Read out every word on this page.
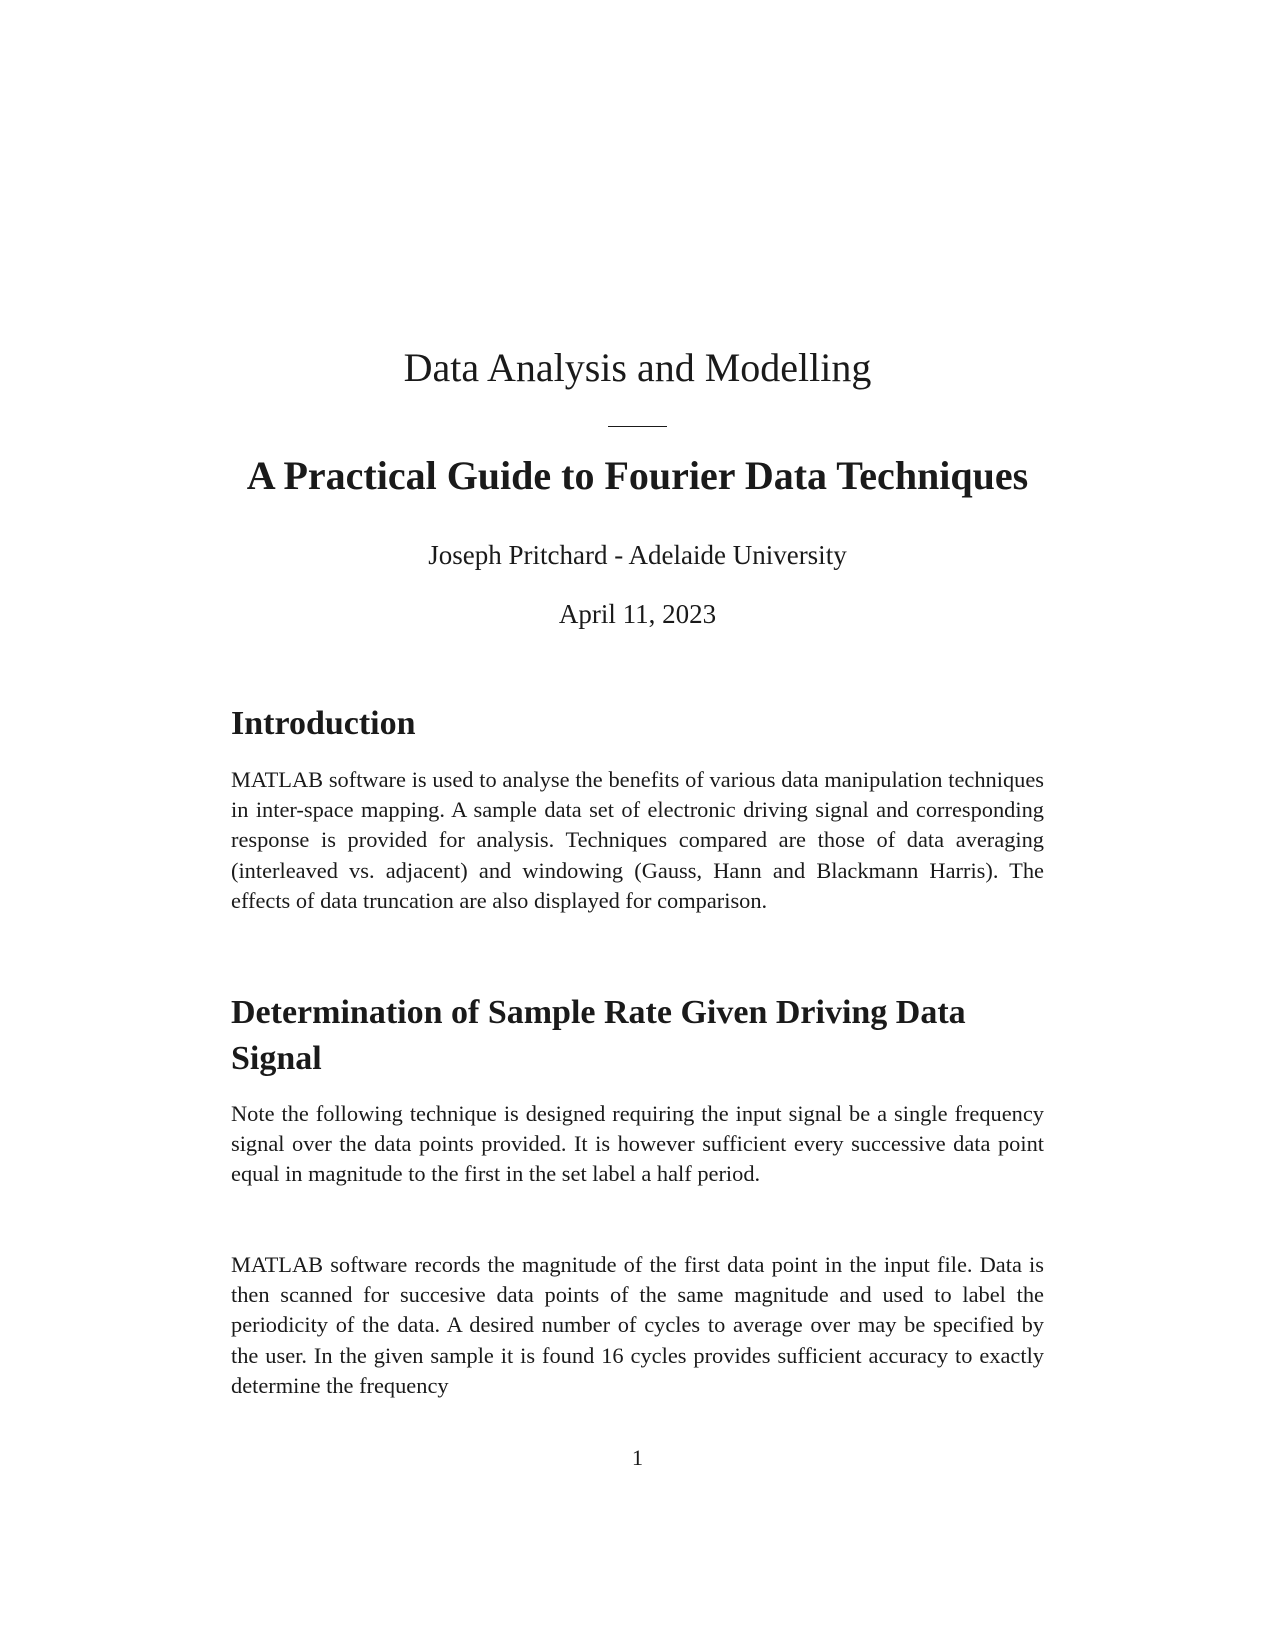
Data Analysis and Modelling
A Practical Guide to Fourier Data Techniques

Joseph Pritchard - Adelaide University

April 11, 2023

Introduction

MATLAB software is used to analyse the benefits of various data manipulation techniques in inter-space mapping. A sample data set of electronic driving signal and corresponding response is provided for analysis. Techniques compared are those of data averaging (interleaved vs. adjacent) and windowing (Gauss, Hann and Blackmann Harris). The effects of data truncation are also displayed for comparison.

Determination of Sample Rate Given Driving Data Signal

Note the following technique is designed requiring the input signal be a single frequency signal over the data points provided. It is however sufficient every successive data point equal in magnitude to the first in the set label a half period.

MATLAB software records the magnitude of the first data point in the input file. Data is then scanned for succesive data points of the same magnitude and used to label the periodicity of the data. A desired number of cycles to average over may be specified by the user. In the given sample it is found 16 cycles provides sufficient accuracy to exactly determine the frequency

1
